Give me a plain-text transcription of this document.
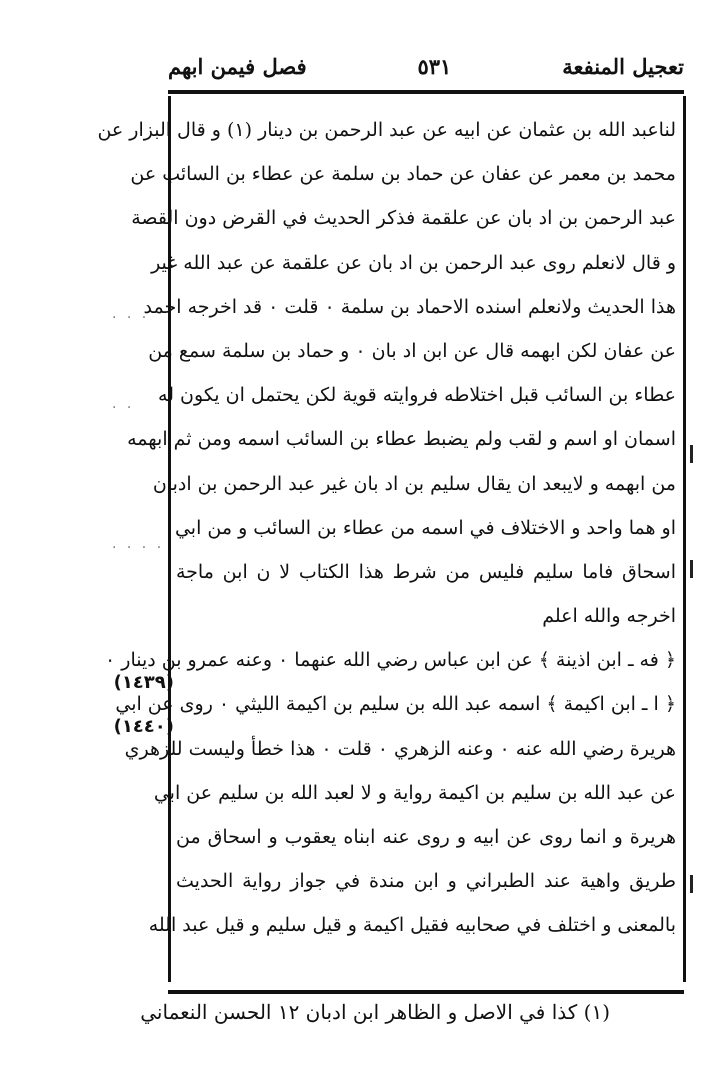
تعجيل المنفعة
٥٣١
فصل فيمن ابهم
لناعبد الله بن عثمان عن ابيه عن عبد الرحمن بن دينار (١) و قال البزار عن
محمد بن معمر عن عفان عن حماد بن سلمة عن عطاء بن السائب عن
عبد الرحمن بن اد بان عن علقمة فذكر الحديث في القرض دون القصة
و قال لانعلم روى عبد الرحمن بن اد بان عن علقمة عن عبد الله غير
هذا الحديث ولانعلم اسنده الاحماد بن سلمة ٠ قلت ٠ قد اخرجه احمد
عن عفان لكن ابهمه قال عن ابن اد بان ٠ و حماد بن سلمة سمع من
عطاء بن السائب قبل اختلاطه فروايته قوية لكن يحتمل ان يكون له
اسمان او اسم و لقب ولم يضبط عطاء بن السائب اسمه ومن ثم ابهمه
من ابهمه و لايبعد ان يقال سليم بن اد بان غير عبد الرحمن بن ادبان
او هما واحد و الاختلاف في اسمه من عطاء بن السائب و من ابي
اسحاق فاما سليم فليس من شرط هذا الكتاب لا ن ابن ماجة
اخرجه والله اعلم
﴿ فه ـ ابن اذينة ﴾ عن ابن عباس رضي الله عنهما ٠ وعنه عمرو بن دينار ٠
﴿ ا ـ ابن اكيمة ﴾ اسمه عبد الله بن سليم بن اكيمة الليثي ٠ روى عن ابي
هريرة رضي الله عنه ٠ وعنه الزهري ٠ قلت ٠ هذا خطأ وليست للزهري
عن عبد الله بن سليم بن اكيمة رواية و لا لعبد الله بن سليم عن ابي
هريرة و انما روى عن ابيه و روى عنه ابناه يعقوب و اسحاق من
طريق واهية عند الطبراني و ابن مندة في جواز رواية الحديث
بالمعنى و اختلف في صحابيه فقيل اكيمة و قيل سليم و قيل عبد الله
(١٤٣٩)
(١٤٤٠)
· · ·
· ·
· · · ·
(١) كذا في الاصل و الظاهر ابن ادبان ١٢ الحسن النعماني
